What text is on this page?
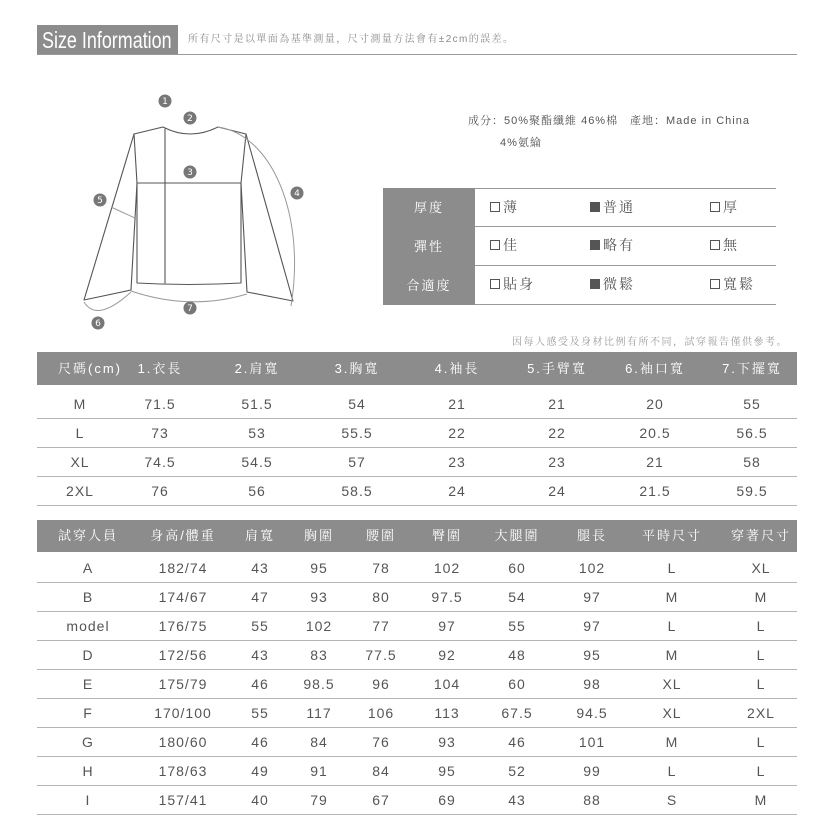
Size Information 所有尺寸是以單面為基準測量，尺寸測量方法會有±2cm的誤差。
1
2
3
4
5
6
7
成分：50%聚酯纖維 46%棉 產地：Made in China
4%氨綸
厚度	薄	普通	厚
彈性	佳	略有	無
合適度	貼身	微鬆	寬鬆
因每人感受及身材比例有所不同，試穿報告僅供參考。
尺碼(cm)	1.衣長	2.肩寬	3.胸寬	4.袖長	5.手臂寬	6.袖口寬	7.下擺寬
M	71.5	51.5	54	21	21	20	55
L	73	53	55.5	22	22	20.5	56.5
XL	74.5	54.5	57	23	23	21	58
2XL	76	56	58.5	24	24	21.5	59.5
試穿人員	身高/體重	肩寬	胸圍	腰圍	臀圍	大腿圍	腿長	平時尺寸	穿著尺寸
A	182/74	43	95	78	102	60	102	L	XL
B	174/67	47	93	80	97.5	54	97	M	M
model	176/75	55	102	77	97	55	97	L	L
D	172/56	43	83	77.5	92	48	95	M	L
E	175/79	46	98.5	96	104	60	98	XL	L
F	170/100	55	117	106	113	67.5	94.5	XL	2XL
G	180/60	46	84	76	93	46	101	M	L
H	178/63	49	91	84	95	52	99	L	L
I	157/41	40	79	67	69	43	88	S	M
